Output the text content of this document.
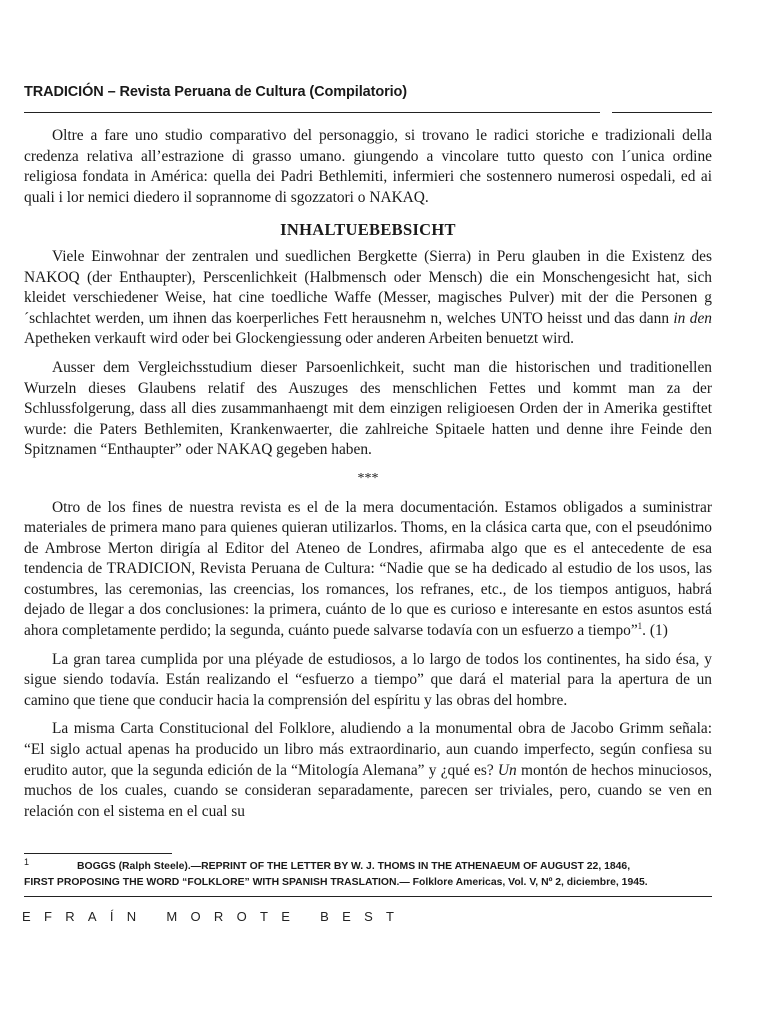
TRADICIÓN – Revista Peruana de Cultura (Compilatorio)

Oltre a fare uno studio comparativo del personaggio, si trovano le radici storiche e tradizionali della credenza relativa all’estrazione di grasso umano. giungendo a vincolare tutto questo con l´unica ordine religiosa fondata in América: quella dei Padri Bethlemiti, infermieri che sostennero numerosi ospedali, ed ai quali i lor nemici diedero il soprannome di sgozzatori o NAKAQ.

INHALTUEBEBSICHT

Viele Einwohnar der zentralen und suedlichen Bergkette (Sierra) in Peru glauben in die Existenz des NAKOQ (der Enthaupter), Perscenlichkeit (Halbmensch oder Mensch) die ein Monschengesicht hat, sich kleidet verschiedener Weise, hat cine toedliche Waffe (Messer, magisches Pulver) mit der die Personen g´schlachtet werden, um ihnen das koerperliches Fett herausnehm n, welches UNTO heisst und das dann in den Apetheken verkauft wird oder bei Glockengiessung oder anderen Arbeiten benuetzt wird.

Ausser dem Vergleichsstudium dieser Parsoenlichkeit, sucht man die historischen und traditionellen Wurzeln dieses Glaubens relatif des Auszuges des menschlichen Fettes und kommt man za der Schlussfolgerung, dass all dies zusammanhaengt mit dem einzigen religioesen Orden der in Amerika gestiftet wurde: die Paters Bethlemiten, Krankenwaerter, die zahlreiche Spitaele hatten und denne ihre Feinde den Spitznamen “Enthaupter” oder NAKAQ gegeben haben.

***

Otro de los fines de nuestra revista es el de la mera documentación. Estamos obligados a suministrar materiales de primera mano para quienes quieran utilizarlos. Thoms, en la clásica carta que, con el pseudónimo de Ambrose Merton dirigía al Editor del Ateneo de Londres, afirmaba algo que es el antecedente de esa tendencia de TRADICION, Revista Peruana de Cultura: “Nadie que se ha dedicado al estudio de los usos, las costumbres, las ceremonias, las creencias, los romances, los refranes, etc., de los tiempos antiguos, habrá dejado de llegar a dos conclusiones: la primera, cuánto de lo que es curioso e interesante en estos asuntos está ahora completamente perdido; la segunda, cuánto puede salvarse todavía con un esfuerzo a tiempo”$^1$. (1)

La gran tarea cumplida por una pléyade de estudiosos, a lo largo de todos los continentes, ha sido ésa, y sigue siendo todavía. Están realizando el “esfuerzo a tiempo” que dará el material para la apertura de un camino que tiene que conducir hacia la comprensión del espíritu y las obras del hombre.

La misma Carta Constitucional del Folklore, aludiendo a la monumental obra de Jacobo Grimm señala: “El siglo actual apenas ha producido un libro más extraordinario, aun cuando imperfecto, según confiesa su erudito autor, que la segunda edición de la “Mitología Alemana” y ¿qué es? Un montón de hechos minuciosos, muchos de los cuales, cuando se consideran separadamente, parecen ser triviales, pero, cuando se ven en relación con el sistema en el cual su

1	BOGGS (Ralph Steele).—REPRINT OF THE LETTER BY W. J. THOMS IN THE ATHENAEUM OF AUGUST 22, 1846,
FIRST PROPOSING THE WORD “FOLKLORE” WITH SPANISH TRASLATION.— Folklore Americas, Vol. V, Nº 2, diciembre, 1945.
EFRAÍN MOROTE BEST
